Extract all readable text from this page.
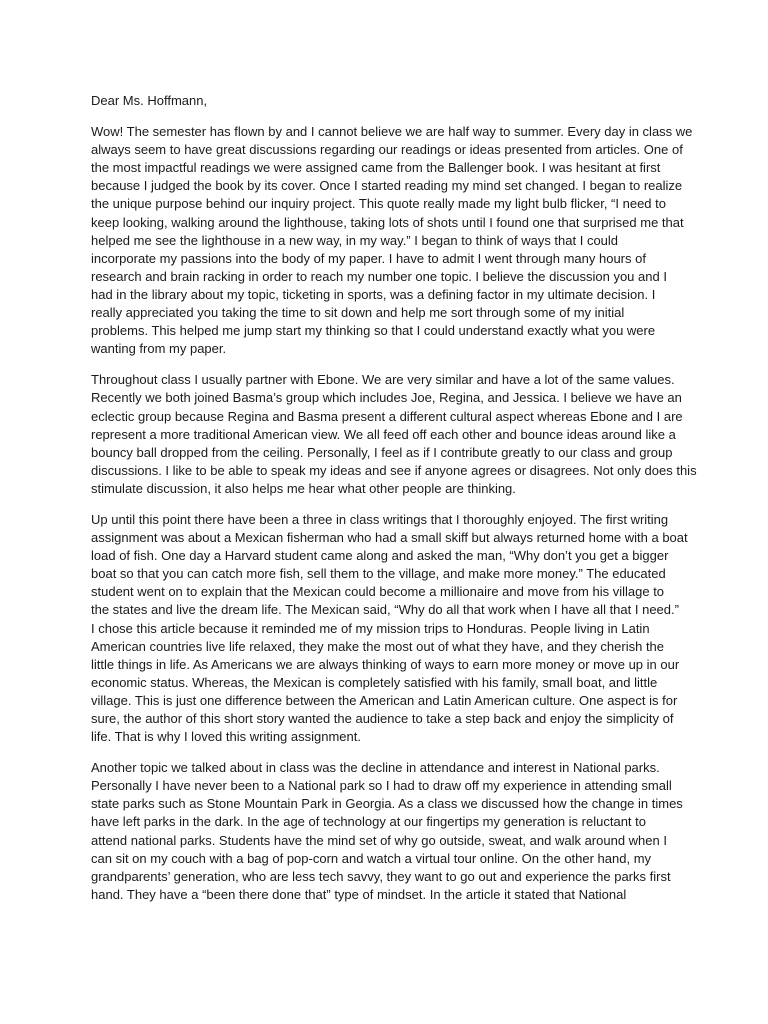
Dear Ms. Hoffmann,

Wow! The semester has flown by and I cannot believe we are half way to summer. Every day in class we
always seem to have great discussions regarding our readings or ideas presented from articles. One of
the most impactful readings we were assigned came from the Ballenger book. I was hesitant at first
because I judged the book by its cover. Once I started reading my mind set changed. I began to realize
the unique purpose behind our inquiry project. This quote really made my light bulb flicker, “I need to
keep looking, walking around the lighthouse, taking lots of shots until I found one that surprised me that
helped me see the lighthouse in a new way, in my way.” I began to think of ways that I could
incorporate my passions into the body of my paper. I have to admit I went through many hours of
research and brain racking in order to reach my number one topic. I believe the discussion you and I
had in the library about my topic, ticketing in sports, was a defining factor in my ultimate decision. I
really appreciated you taking the time to sit down and help me sort through some of my initial
problems. This helped me jump start my thinking so that I could understand exactly what you were
wanting from my paper.
Throughout class I usually partner with Ebone. We are very similar and have a lot of the same values.
Recently we both joined Basma’s group which includes Joe, Regina, and Jessica. I believe we have an
eclectic group because Regina and Basma present a different cultural aspect whereas Ebone and I are
represent a more traditional American view. We all feed off each other and bounce ideas around like a
bouncy ball dropped from the ceiling. Personally, I feel as if I contribute greatly to our class and group
discussions. I like to be able to speak my ideas and see if anyone agrees or disagrees. Not only does this
stimulate discussion, it also helps me hear what other people are thinking.
Up until this point there have been a three in class writings that I thoroughly enjoyed. The first writing
assignment was about a Mexican fisherman who had a small skiff but always returned home with a boat
load of fish. One day a Harvard student came along and asked the man, “Why don’t you get a bigger
boat so that you can catch more fish, sell them to the village, and make more money.” The educated
student went on to explain that the Mexican could become a millionaire and move from his village to
the states and live the dream life. The Mexican said, “Why do all that work when I have all that I need.”
I chose this article because it reminded me of my mission trips to Honduras. People living in Latin
American countries live life relaxed, they make the most out of what they have, and they cherish the
little things in life. As Americans we are always thinking of ways to earn more money or move up in our
economic status. Whereas, the Mexican is completely satisfied with his family, small boat, and little
village. This is just one difference between the American and Latin American culture. One aspect is for
sure, the author of this short story wanted the audience to take a step back and enjoy the simplicity of
life. That is why I loved this writing assignment.
Another topic we talked about in class was the decline in attendance and interest in National parks.
Personally I have never been to a National park so I had to draw off my experience in attending small
state parks such as Stone Mountain Park in Georgia. As a class we discussed how the change in times
have left parks in the dark. In the age of technology at our fingertips my generation is reluctant to
attend national parks. Students have the mind set of why go outside, sweat, and walk around when I
can sit on my couch with a bag of pop-corn and watch a virtual tour online. On the other hand, my
grandparents’ generation, who are less tech savvy, they want to go out and experience the parks first
hand. They have a “been there done that” type of mindset. In the article it stated that National
